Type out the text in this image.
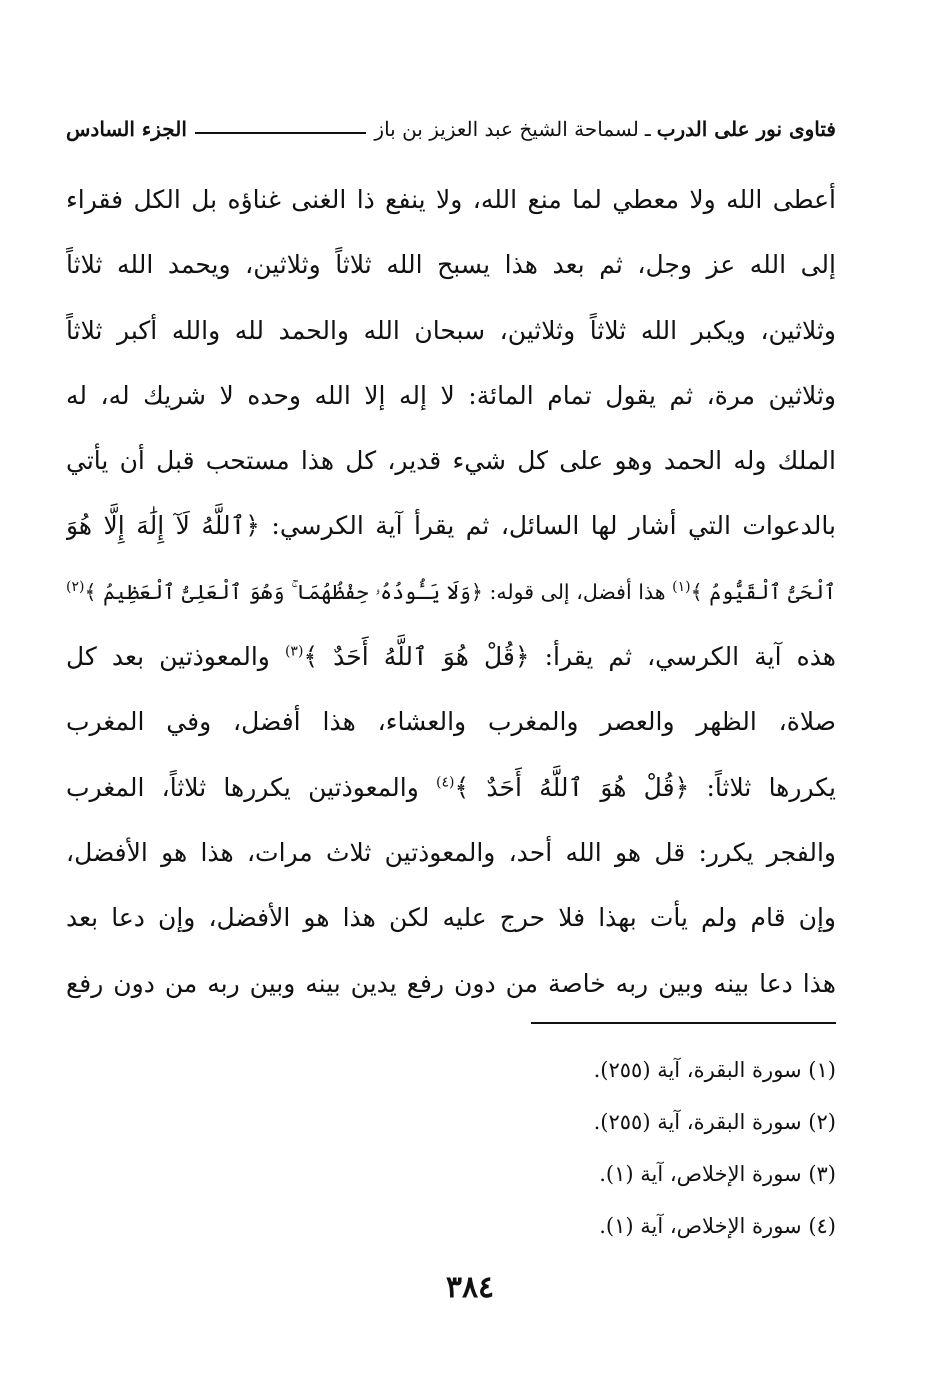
فتاوى نور على الدرب
ـ
لسماحة الشيخ عبد العزيز بن باز
الجزء السادس
أعطى الله ولا معطي لما منع الله، ولا ينفع ذا الغنى غناؤه بل الكل فقراء
إلى الله عز وجل، ثم بعد هذا يسبح الله ثلاثاً وثلاثين، ويحمد الله ثلاثاً
وثلاثين، ويكبر الله ثلاثاً وثلاثين، سبحان الله والحمد لله والله أكبر ثلاثاً
وثلاثين مرة، ثم يقول تمام المائة: لا إله إلا الله وحده لا شريك له، له
الملك وله الحمد وهو على كل شيء قدير، كل هذا مستحب قبل أن يأتي
بالدعوات التي أشار لها السائل، ثم يقرأ آية الكرسي: ﴿ٱللَّهُ لَآ إِلَٰهَ إِلَّا هُوَ
ٱلْحَىُّ ٱلْقَيُّومُ ﴾$^{(١)}$ هذا أفضل، إلى قوله: ﴿وَلَا يَـُٔودُهُۥ حِفْظُهُمَا ۚ وَهُوَ ٱلْعَلِىُّ ٱلْعَظِيمُ ﴾$^{(٢)}$
هذه آية الكرسي، ثم يقرأ: ﴿قُلْ هُوَ ٱللَّهُ أَحَدٌ ﴾$^{(٣)}$ والمعوذتين بعد كل
صلاة، الظهر والعصر والمغرب والعشاء، هذا أفضل، وفي المغرب
يكررها ثلاثاً: ﴿قُلْ هُوَ ٱللَّهُ أَحَدٌ ﴾$^{(٤)}$ والمعوذتين يكررها ثلاثاً، المغرب
والفجر يكرر: قل هو الله أحد، والمعوذتين ثلاث مرات، هذا هو الأفضل،
وإن قام ولم يأت بهذا فلا حرج عليه لكن هذا هو الأفضل، وإن دعا بعد
هذا دعا بينه وبين ربه خاصة من دون رفع يدين بينه وبين ربه من دون رفع
(١) سورة البقرة، آية (٢٥٥).
(٢) سورة البقرة، آية (٢٥٥).
(٣) سورة الإخلاص، آية (١).
(٤) سورة الإخلاص، آية (١).
٣٨٤
